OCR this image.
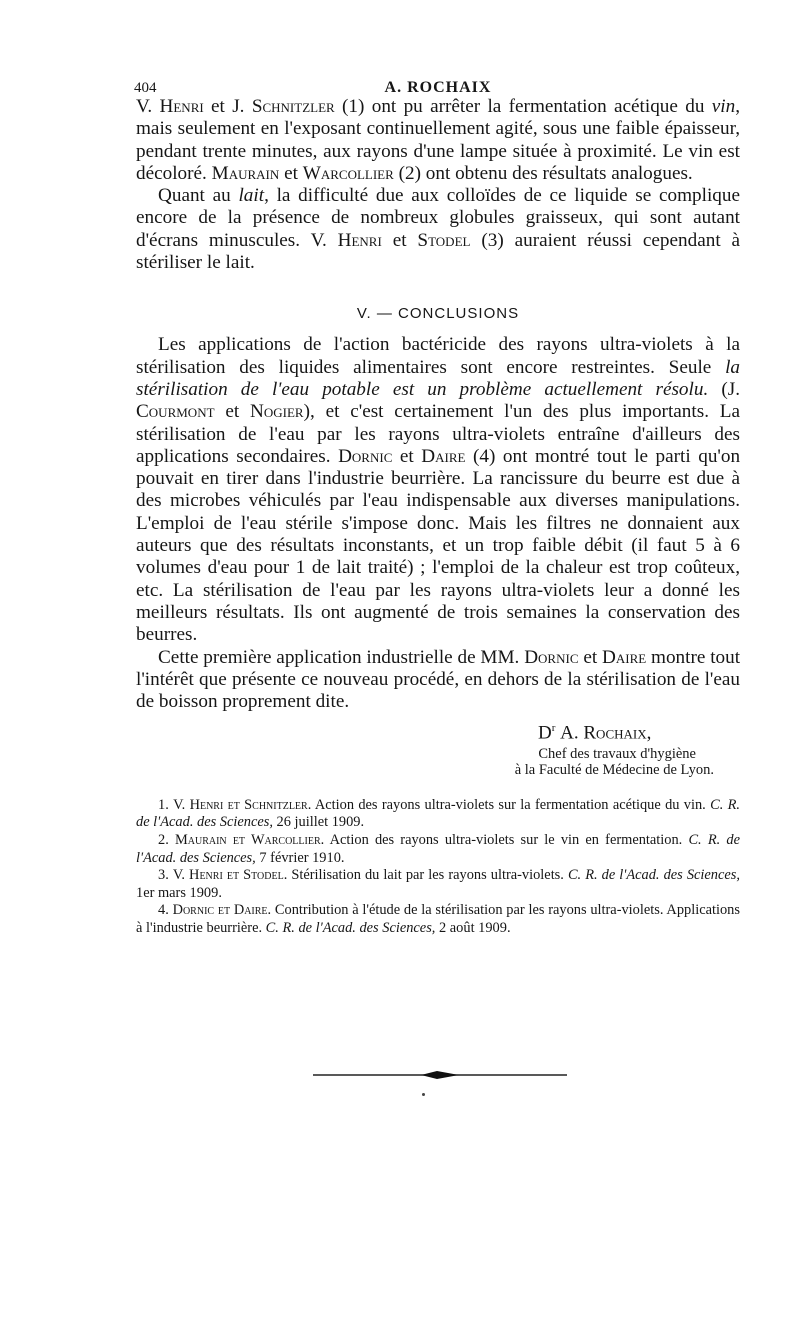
404	A. ROCHAIX

V. Henri et J. Schnitzler (1) ont pu arrêter la fermentation acétique du vin, mais seulement en l'exposant continuellement agité, sous une faible épaisseur, pendant trente minutes, aux rayons d'une lampe située à proximité. Le vin est décoloré. Maurain et Warcollier (2) ont obtenu des résultats analogues.

Quant au lait, la difficulté due aux colloïdes de ce liquide se complique encore de la présence de nombreux globules graisseux, qui sont autant d'écrans minuscules. V. Henri et Stodel (3) auraient réussi cependant à stériliser le lait.

V. — CONCLUSIONS

Les applications de l'action bactéricide des rayons ultra-violets à la stérilisation des liquides alimentaires sont encore restreintes. Seule la stérilisation de l'eau potable est un problème actuellement résolu. (J. Courmont et Nogier), et c'est certainement l'un des plus importants. La stérilisation de l'eau par les rayons ultra-violets entraîne d'ailleurs des applications secondaires. Dornic et Daire (4) ont montré tout le parti qu'on pouvait en tirer dans l'industrie beurrière. La rancissure du beurre est due à des microbes véhiculés par l'eau indispensable aux diverses manipulations. L'emploi de l'eau stérile s'impose donc. Mais les filtres ne donnaient aux auteurs que des résultats inconstants, et un trop faible débit (il faut 5 à 6 volumes d'eau pour 1 de lait traité) ; l'emploi de la chaleur est trop coûteux, etc. La stérilisation de l'eau par les rayons ultra-violets leur a donné les meilleurs résultats. Ils ont augmenté de trois semaines la conservation des beurres.

Cette première application industrielle de MM. Dornic et Daire montre tout l'intérêt que présente ce nouveau procédé, en dehors de la stérilisation de l'eau de boisson proprement dite.

$D^r$ A. Rochaix,
Chef des travaux d'hygiène
à la Faculté de Médecine de Lyon.
1. V. Henri et Schnitzler. Action des rayons ultra-violets sur la fermentation acétique du vin. C. R. de l'Acad. des Sciences, 26 juillet 1909.
2. Maurain et Warcollier. Action des rayons ultra-violets sur le vin en fermentation. C. R. de l'Acad. des Sciences, 7 février 1910.
3. V. Henri et Stodel. Stérilisation du lait par les rayons ultra-violets. C. R. de l'Acad. des Sciences, 1er mars 1909.
4. Dornic et Daire. Contribution à l'étude de la stérilisation par les rayons ultra-violets. Applications à l'industrie beurrière. C. R. de l'Acad. des Sciences, 2 août 1909.
